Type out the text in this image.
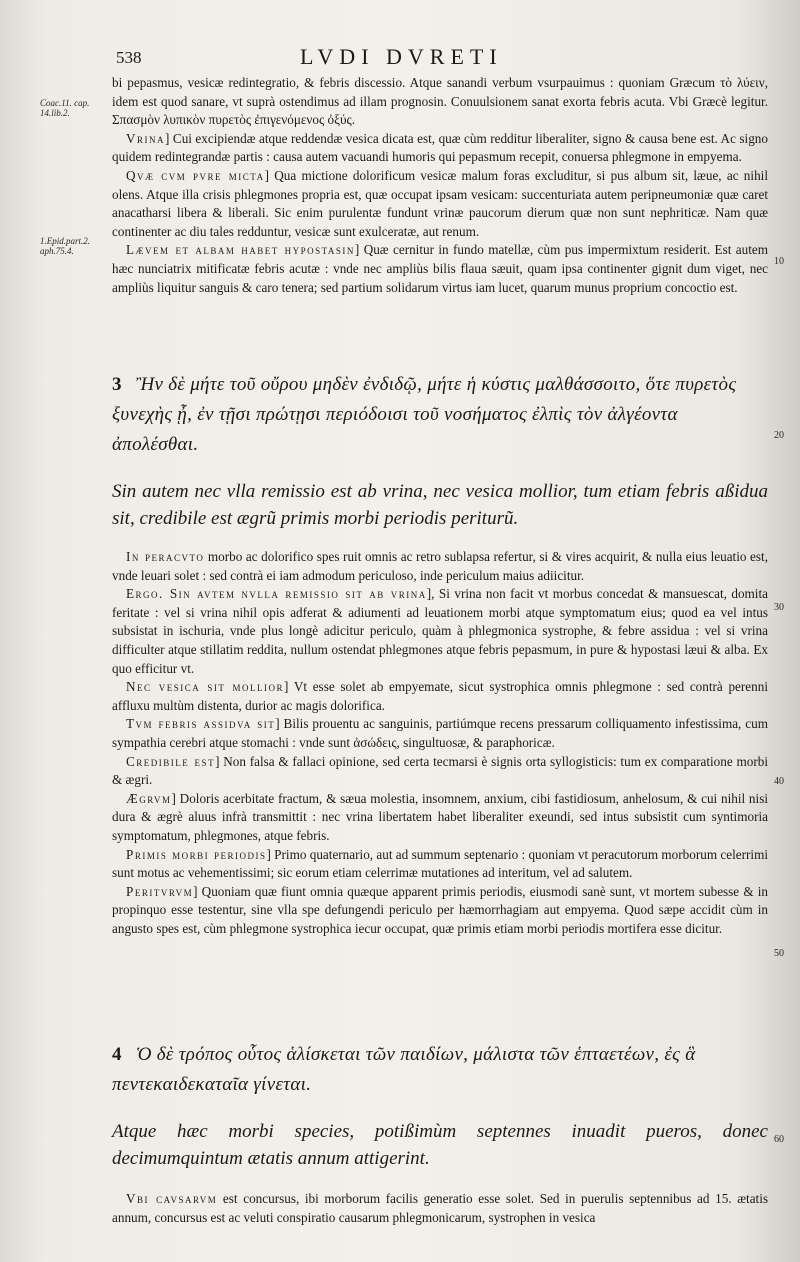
538	LVDI DVRETI
Coac.11. cap. 14.lib.2.
1.Epid.part.2. aph.75.4.
10
20
30
40
50
60

bi pepasmus, vesicæ redintegratio, & febris discessio. Atque sanandi verbum vsurpauimus : quoniam Græcum τὸ λύειν, idem est quod sanare, vt suprà ostendimus ad illam prognosin. Conuulsionem sanat exorta febris acuta. Vbi Græcè legitur. Σπασμὸν λυπικὸν πυρετὸς ἐπιγενόμενος ὀξύς.

Vrina] Cui excipiendæ atque reddendæ vesica dicata est, quæ cùm redditur liberaliter, signo & causa bene est. Ac signo quidem redintegrandæ partis : causa autem vacuandi humoris qui pepasmum recepit, conuersa phlegmone in empyema.

Qvæ cvm pvre micta] Qua mictione dolorificum vesicæ malum foras excluditur, si pus album sit, læue, ac nihil olens. Atque illa crisis phlegmones propria est, quæ occupat ipsam vesicam: succenturiata autem peripneumoniæ quæ caret anacatharsi libera & liberali. Sic enim purulentæ fundunt vrinæ paucorum dierum quæ non sunt nephriticæ. Nam quæ continenter ac diu tales redduntur, vesicæ sunt exulceratæ, aut renum.

Lævem et albam habet hypostasin] Quæ cernitur in fundo matellæ, cùm pus impermixtum residerit. Est autem hæc nunciatrix mitificatæ febris acutæ : vnde nec ampliùs bilis flaua sæuit, quam ipsa continenter gignit dum viget, nec ampliùs liquitur sanguis & caro tenera; sed partium solidarum virtus iam lucet, quarum munus proprium concoctio est.

3 Ἢν δὲ μήτε τοῦ οὔρου μηδὲν ἐνδιδῷ, μήτε ἡ κύστις μαλθάσσοιτο, ὅτε πυρετὸς ξυνεχὴς ᾖ, ἐν τῇσι πρώτῃσι περιόδοισι τοῦ νοσήματος ἐλπὶς τὸν ἀλγέοντα ἀπολέσθαι.
Sin autem nec vlla remissio est ab vrina, nec vesica mollior, tum etiam febris aßidua sit, credibile est ægrũ primis morbi periodis periturũ.

In peracvto morbo ac dolorifico spes ruit omnis ac retro sublapsa refertur, si & vires acquirit, & nulla eius leuatio est, vnde leuari solet : sed contrà ei iam admodum periculoso, inde periculum maius adiicitur.

Ergo. Sin avtem nvlla remissio sit ab vrina], Si vrina non facit vt morbus concedat & mansuescat, domita feritate : vel si vrina nihil opis adferat & adiumenti ad leuationem morbi atque symptomatum eius; quod ea vel intus subsistat in ischuria, vnde plus longè adicitur periculo, quàm à phlegmonica systrophe, & febre assidua : vel si vrina difficulter atque stillatim reddita, nullum ostendat phlegmones atque febris pepasmum, in pure & hypostasi læui & alba. Ex quo efficitur vt.

Nec vesica sit mollior] Vt esse solet ab empyemate, sicut systrophica omnis phlegmone : sed contrà perenni affluxu multùm distenta, durior ac magis dolorifica.

Tvm febris assidva sit] Bilis prouentu ac sanguinis, partiúmque recens pressarum colliquamento infestissima, cum sympathia cerebri atque stomachi : vnde sunt ἀσώδεις, singultuosæ, & paraphoricæ.

Credibile est] Non falsa & fallaci opinione, sed certa tecmarsi è signis orta syllogisticis: tum ex comparatione morbi & ægri.

Ægrvm] Doloris acerbitate fractum, & sæua molestia, insomnem, anxium, cibi fastidiosum, anhelosum, & cui nihil nisi dura & ægrè aluus infrà transmittit : nec vrina libertatem habet liberaliter exeundi, sed intus subsistit cum syntimoria symptomatum, phlegmones, atque febris.

Primis morbi periodis] Primo quaternario, aut ad summum septenario : quoniam vt peracutorum morborum celerrimi sunt motus ac vehementissimi; sic eorum etiam celerrimæ mutationes ad interitum, vel ad salutem.

Peritvrvm] Quoniam quæ fiunt omnia quæque apparent primis periodis, eiusmodi sanè sunt, vt mortem subesse & in propinquo esse testentur, sine vlla spe defungendi periculo per hæmorrhagiam aut empyema. Quod sæpe accidit cùm in angusto spes est, cùm phlegmone systrophica iecur occupat, quæ primis etiam morbi periodis mortifera esse dicitur.

4 Ὁ δὲ τρόπος οὗτος ἁλίσκεται τῶν παιδίων, μάλιστα τῶν ἑπταετέων, ἐς ἃ πεντεκαιδεκαταῖα γίνεται.
Atque hæc morbi species, potißimùm septennes inuadit pueros, donec decimumquintum ætatis annum attigerint.

Vbi cavsarvm est concursus, ibi morborum facilis generatio esse solet. Sed in puerulis septennibus ad 15. ætatis annum, concursus est ac veluti conspiratio causarum phlegmonicarum, systrophen in vesica
